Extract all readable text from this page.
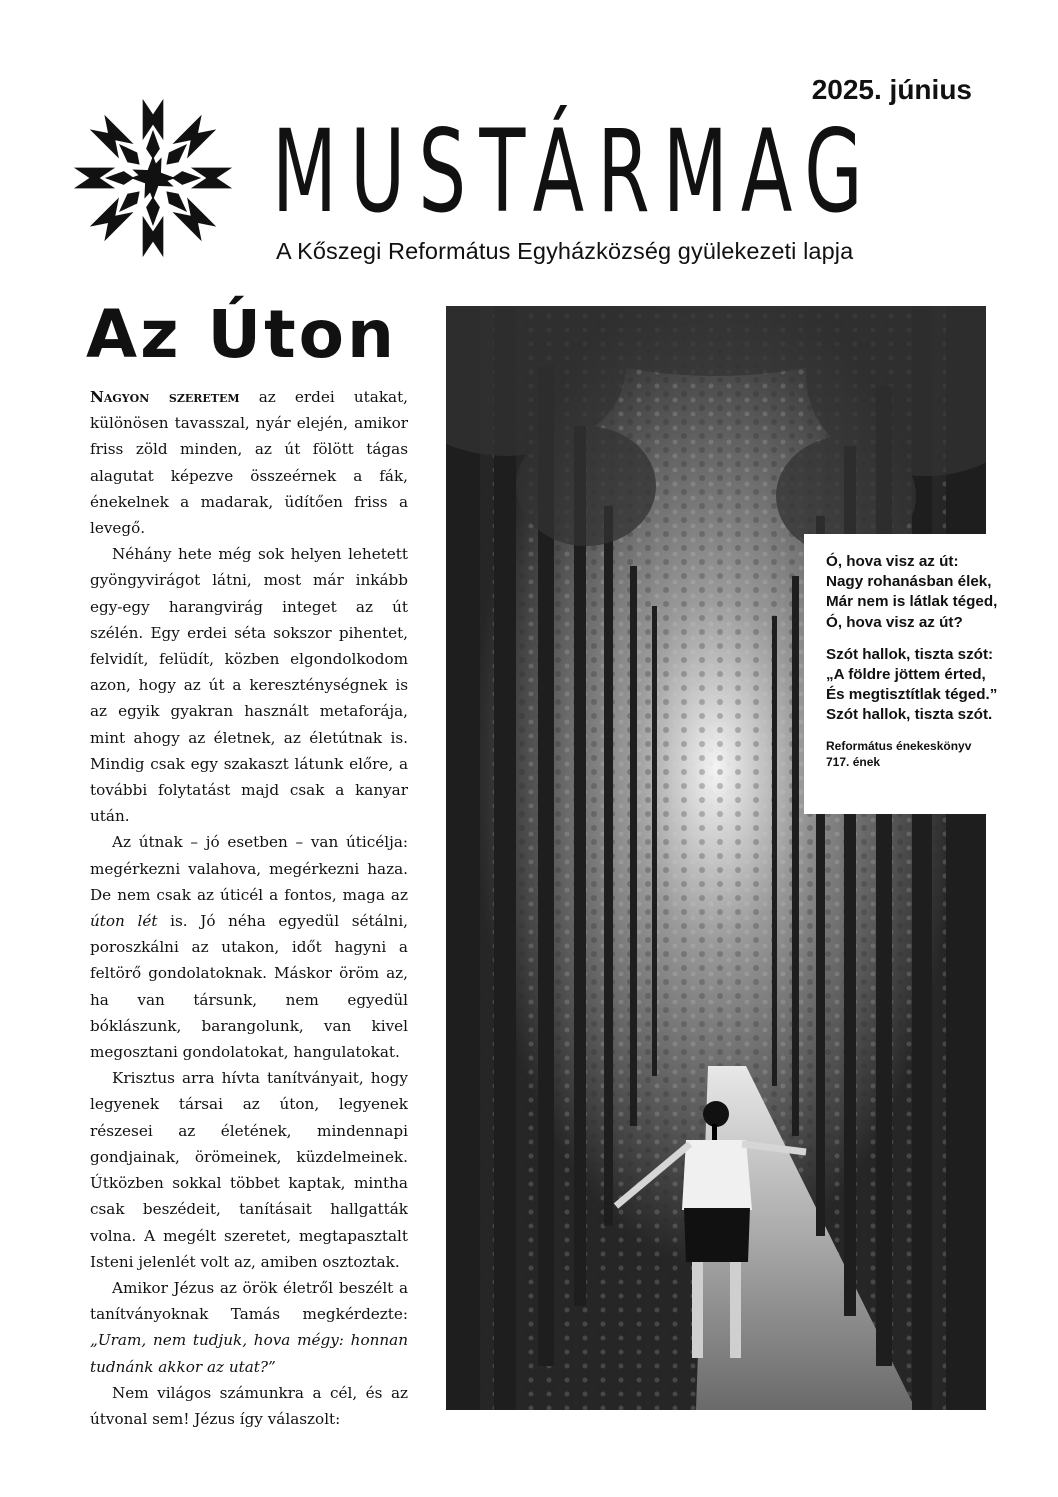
2025. június
MUSTÁRMAG
A Kőszegi Református Egyházközség gyülekezeti lapja
Az Úton

Nagyon szeretem az erdei utakat, különösen tavasszal, nyár elején, amikor friss zöld minden, az út fölött tágas alagutat képezve összeérnek a fák, énekelnek a madarak, üdítően friss a levegő.

Néhány hete még sok helyen lehetett gyöngyvirágot látni, most már inkább egy-egy harangvirág integet az út szélén. Egy erdei séta sokszor pihentet, felvidít, felüdít, közben elgondolkodom azon, hogy az út a kereszténységnek is az egyik gyakran használt metaforája, mint ahogy az életnek, az életútnak is. Mindig csak egy szakaszt látunk előre, a további folytatást majd csak a kanyar után.

Az útnak – jó esetben – van úticélja: megérkezni valahova, megérkezni haza. De nem csak az úticél a fontos, maga az úton lét is. Jó néha egyedül sétálni, poroszkálni az utakon, időt hagyni a feltörő gondolatoknak. Máskor öröm az, ha van társunk, nem egyedül bóklászunk, barangolunk, van kivel megosztani gondolatokat, hangulatokat.

Krisztus arra hívta tanítványait, hogy legyenek társai az úton, legyenek részesei az életének, mindennapi gondjainak, örömeinek, küzdelmeinek. Útközben sokkal többet kaptak, mintha csak beszédeit, tanításait hallgatták volna. A megélt szeretet, megtapasztalt Isteni jelenlét volt az, amiben osztoztak.

Amikor Jézus az örök életről beszélt a tanítványoknak Tamás megkérdezte: „Uram, nem tudjuk, hova mégy: honnan tudnánk akkor az utat?”

Nem világos számunkra a cél, és az útvonal sem! Jézus így válaszolt:

Ó, hova visz az út:
Nagy rohanásban élek,
Már nem is látlak téged,
Ó, hova visz az út?
Szót hallok, tiszta szót:
„A földre jöttem érted,
És megtisztítlak téged.”
Szót hallok, tiszta szót.
Református énekeskönyv
717. ének
